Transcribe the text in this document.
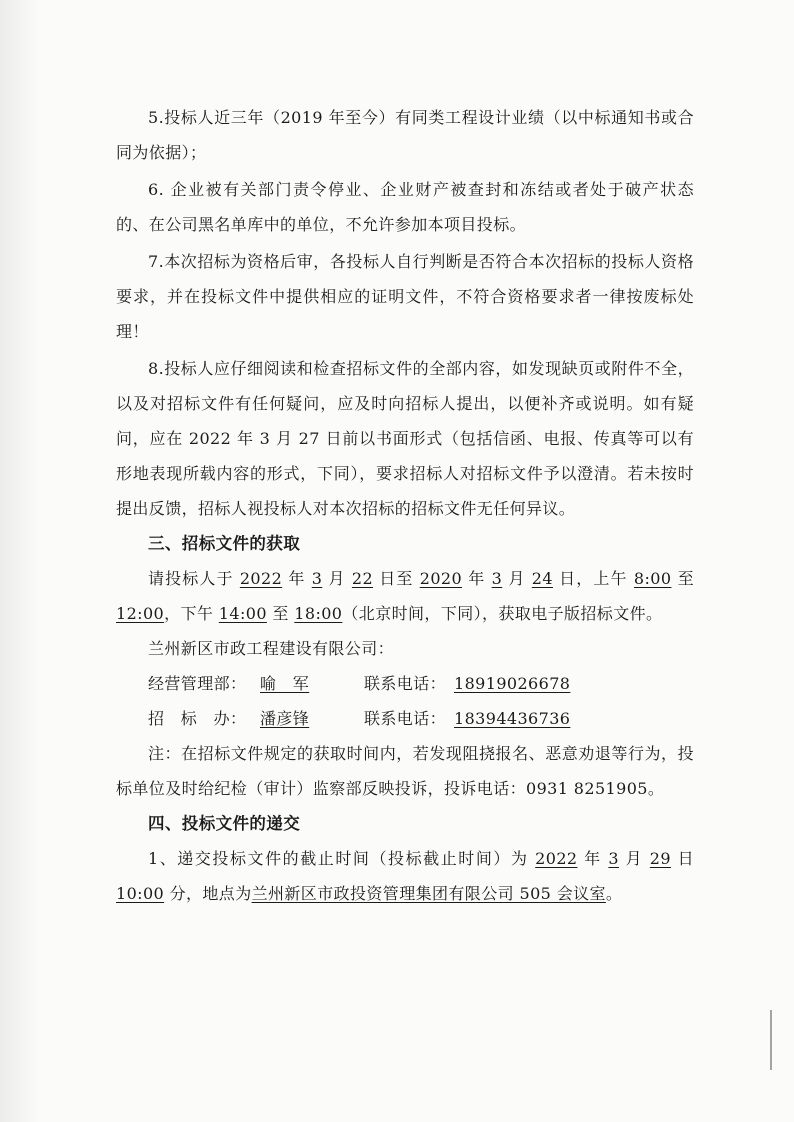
5.投标人近三年（2019 年至今）有同类工程设计业绩（以中标通知书或合同为依据）；

6. 企业被有关部门责令停业、企业财产被查封和冻结或者处于破产状态的、在公司黑名单库中的单位，不允许参加本项目投标。

7.本次招标为资格后审，各投标人自行判断是否符合本次招标的投标人资格要求，并在投标文件中提供相应的证明文件，不符合资格要求者一律按废标处理！

8.投标人应仔细阅读和检查招标文件的全部内容，如发现缺页或附件不全，以及对招标文件有任何疑问，应及时向招标人提出，以便补齐或说明。如有疑问，应在 2022 年 3 月 27 日前以书面形式（包括信函、电报、传真等可以有形地表现所载内容的形式，下同），要求招标人对招标文件予以澄清。若未按时提出反馈，招标人视投标人对本次招标的招标文件无任何异议。

三、招标文件的获取

请投标人于 2022 年 3 月 22 日至 2020 年 3 月 24 日，上午 8:00 至 12:00，下午 14:00 至 18:00（北京时间，下同），获取电子版招标文件。

兰州新区市政工程建设有限公司：

经营管理部： 喻　军	联系电话： 18919026678

招　标　办： 潘彦锋	联系电话： 18394436736

注：在招标文件规定的获取时间内，若发现阻挠报名、恶意劝退等行为，投标单位及时给纪检（审计）监察部反映投诉，投诉电话：0931 8251905。

四、投标文件的递交

1、递交投标文件的截止时间（投标截止时间）为 2022 年 3 月 29 日 10:00 分，地点为兰州新区市政投资管理集团有限公司 505 会议室。
